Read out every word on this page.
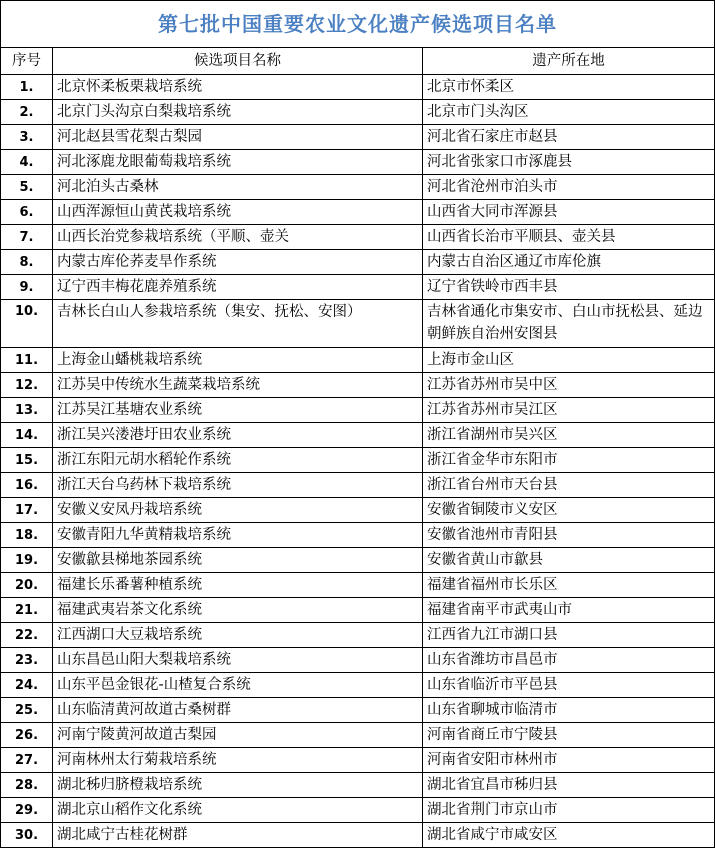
第七批中国重要农业文化遗产候选项目名单
序号	候选项目名称	遗产所在地
1.	北京怀柔板栗栽培系统	北京市怀柔区
2.	北京门头沟京白梨栽培系统	北京市门头沟区
3.	河北赵县雪花梨古梨园	河北省石家庄市赵县
4.	河北涿鹿龙眼葡萄栽培系统	河北省张家口市涿鹿县
5.	河北泊头古桑林	河北省沧州市泊头市
6.	山西浑源恒山黄芪栽培系统	山西省大同市浑源县
7.	山西长治党参栽培系统（平顺、壶关	山西省长治市平顺县、壶关县
8.	内蒙古库伦荞麦旱作系统	内蒙古自治区通辽市库伦旗
9.	辽宁西丰梅花鹿养殖系统	辽宁省铁岭市西丰县
10.	吉林长白山人参栽培系统（集安、抚松、安图）	吉林省通化市集安市、白山市抚松县、延边朝鲜族自治州安图县
11.	上海金山蟠桃栽培系统	上海市金山区
12.	江苏吴中传统水生蔬菜栽培系统	江苏省苏州市吴中区
13.	江苏吴江基塘农业系统	江苏省苏州市吴江区
14.	浙江吴兴溇港圩田农业系统	浙江省湖州市吴兴区
15.	浙江东阳元胡水稻轮作系统	浙江省金华市东阳市
16.	浙江天台乌药林下栽培系统	浙江省台州市天台县
17.	安徽义安凤丹栽培系统	安徽省铜陵市义安区
18.	安徽青阳九华黄精栽培系统	安徽省池州市青阳县
19.	安徽歙县梯地茶园系统	安徽省黄山市歙县
20.	福建长乐番薯种植系统	福建省福州市长乐区
21.	福建武夷岩茶文化系统	福建省南平市武夷山市
22.	江西湖口大豆栽培系统	江西省九江市湖口县
23.	山东昌邑山阳大梨栽培系统	山东省潍坊市昌邑市
24.	山东平邑金银花-山楂复合系统	山东省临沂市平邑县
25.	山东临清黄河故道古桑树群	山东省聊城市临清市
26.	河南宁陵黄河故道古梨园	河南省商丘市宁陵县
27.	河南林州太行菊栽培系统	河南省安阳市林州市
28.	湖北秭归脐橙栽培系统	湖北省宜昌市秭归县
29.	湖北京山稻作文化系统	湖北省荆门市京山市
30.	湖北咸宁古桂花树群	湖北省咸宁市咸安区
